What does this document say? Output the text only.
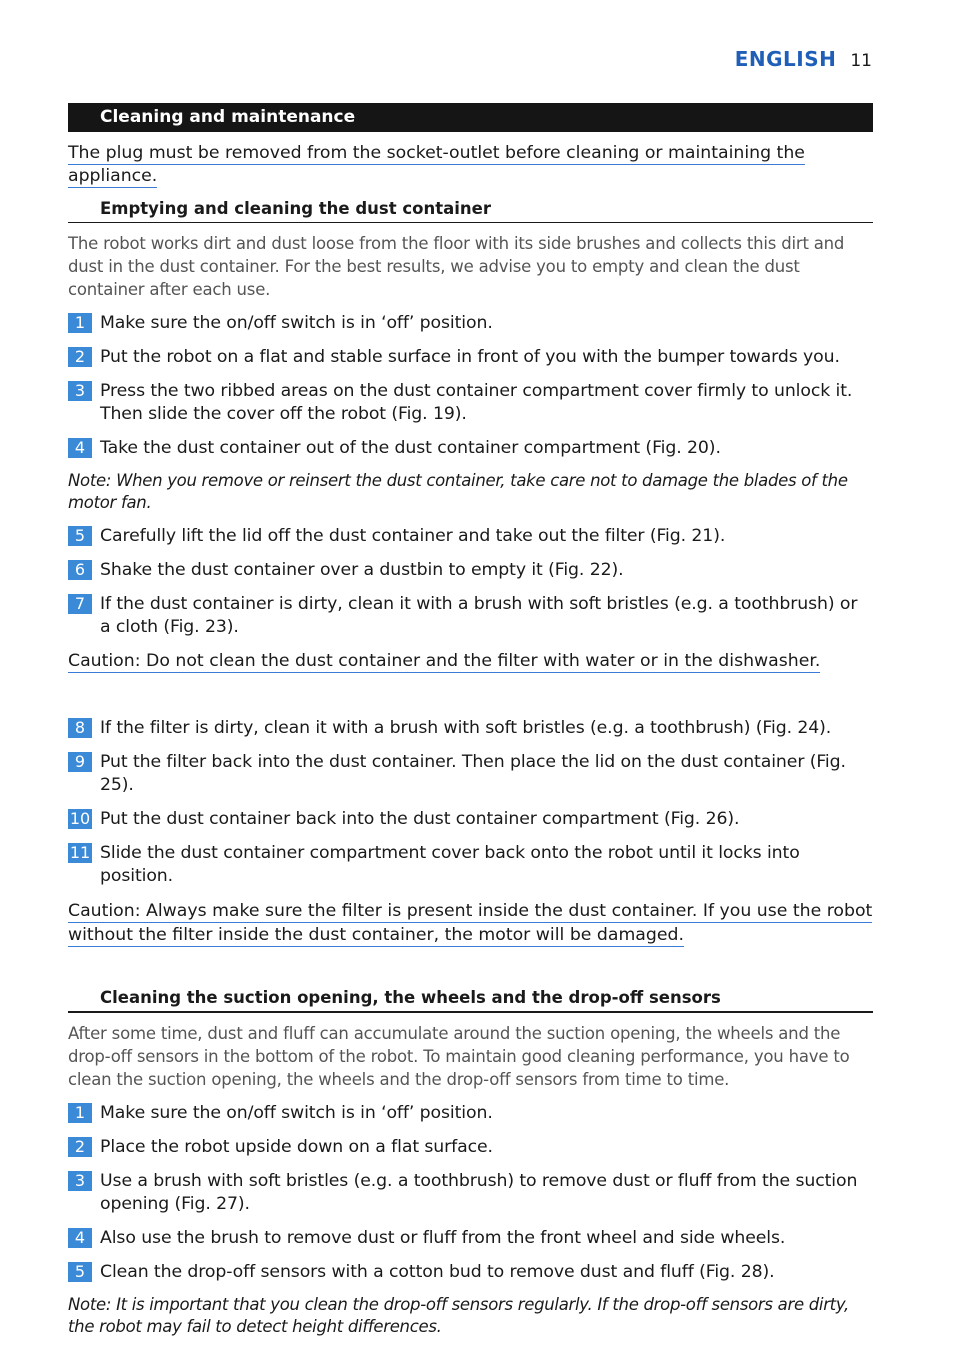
ENGLISH 11
Cleaning and maintenance
The plug must be removed from the socket-outlet before cleaning or maintaining the appliance.
Emptying and cleaning the dust container
The robot works dirt and dust loose from the floor with its side brushes and collects this dirt and dust in the dust container. For the best results, we advise you to empty and clean the dust container after each use.
1 Make sure the on/off switch is in ‘off’ position.
2 Put the robot on a flat and stable surface in front of you with the bumper towards you.
3 Press the two ribbed areas on the dust container compartment cover firmly to unlock it. Then slide the cover off the robot (Fig. 19).
4 Take the dust container out of the dust container compartment (Fig. 20).
Note: When you remove or reinsert the dust container, take care not to damage the blades of the motor fan.
5 Carefully lift the lid off the dust container and take out the filter (Fig. 21).
6 Shake the dust container over a dustbin to empty it (Fig. 22).
7 If the dust container is dirty, clean it with a brush with soft bristles (e.g. a toothbrush) or a cloth (Fig. 23).
Caution: Do not clean the dust container and the filter with water or in the dishwasher.
8 If the filter is dirty, clean it with a brush with soft bristles (e.g. a toothbrush) (Fig. 24).
9 Put the filter back into the dust container. Then place the lid on the dust container (Fig. 25).
10 Put the dust container back into the dust container compartment (Fig. 26).
11 Slide the dust container compartment cover back onto the robot until it locks into position.
Caution: Always make sure the filter is present inside the dust container. If you use the robot
without the filter inside the dust container, the motor will be damaged.
Cleaning the suction opening, the wheels and the drop-off sensors
After some time, dust and fluff can accumulate around the suction opening, the wheels and the drop-off sensors in the bottom of the robot. To maintain good cleaning performance, you have to clean the suction opening, the wheels and the drop-off sensors from time to time.
1 Make sure the on/off switch is in ‘off’ position.
2 Place the robot upside down on a flat surface.
3 Use a brush with soft bristles (e.g. a toothbrush) to remove dust or fluff from the suction opening (Fig. 27).
4 Also use the brush to remove dust or fluff from the front wheel and side wheels.
5 Clean the drop-off sensors with a cotton bud to remove dust and fluff (Fig. 28).
Note: It is important that you clean the drop-off sensors regularly. If the drop-off sensors are dirty, the robot may fail to detect height differences.
